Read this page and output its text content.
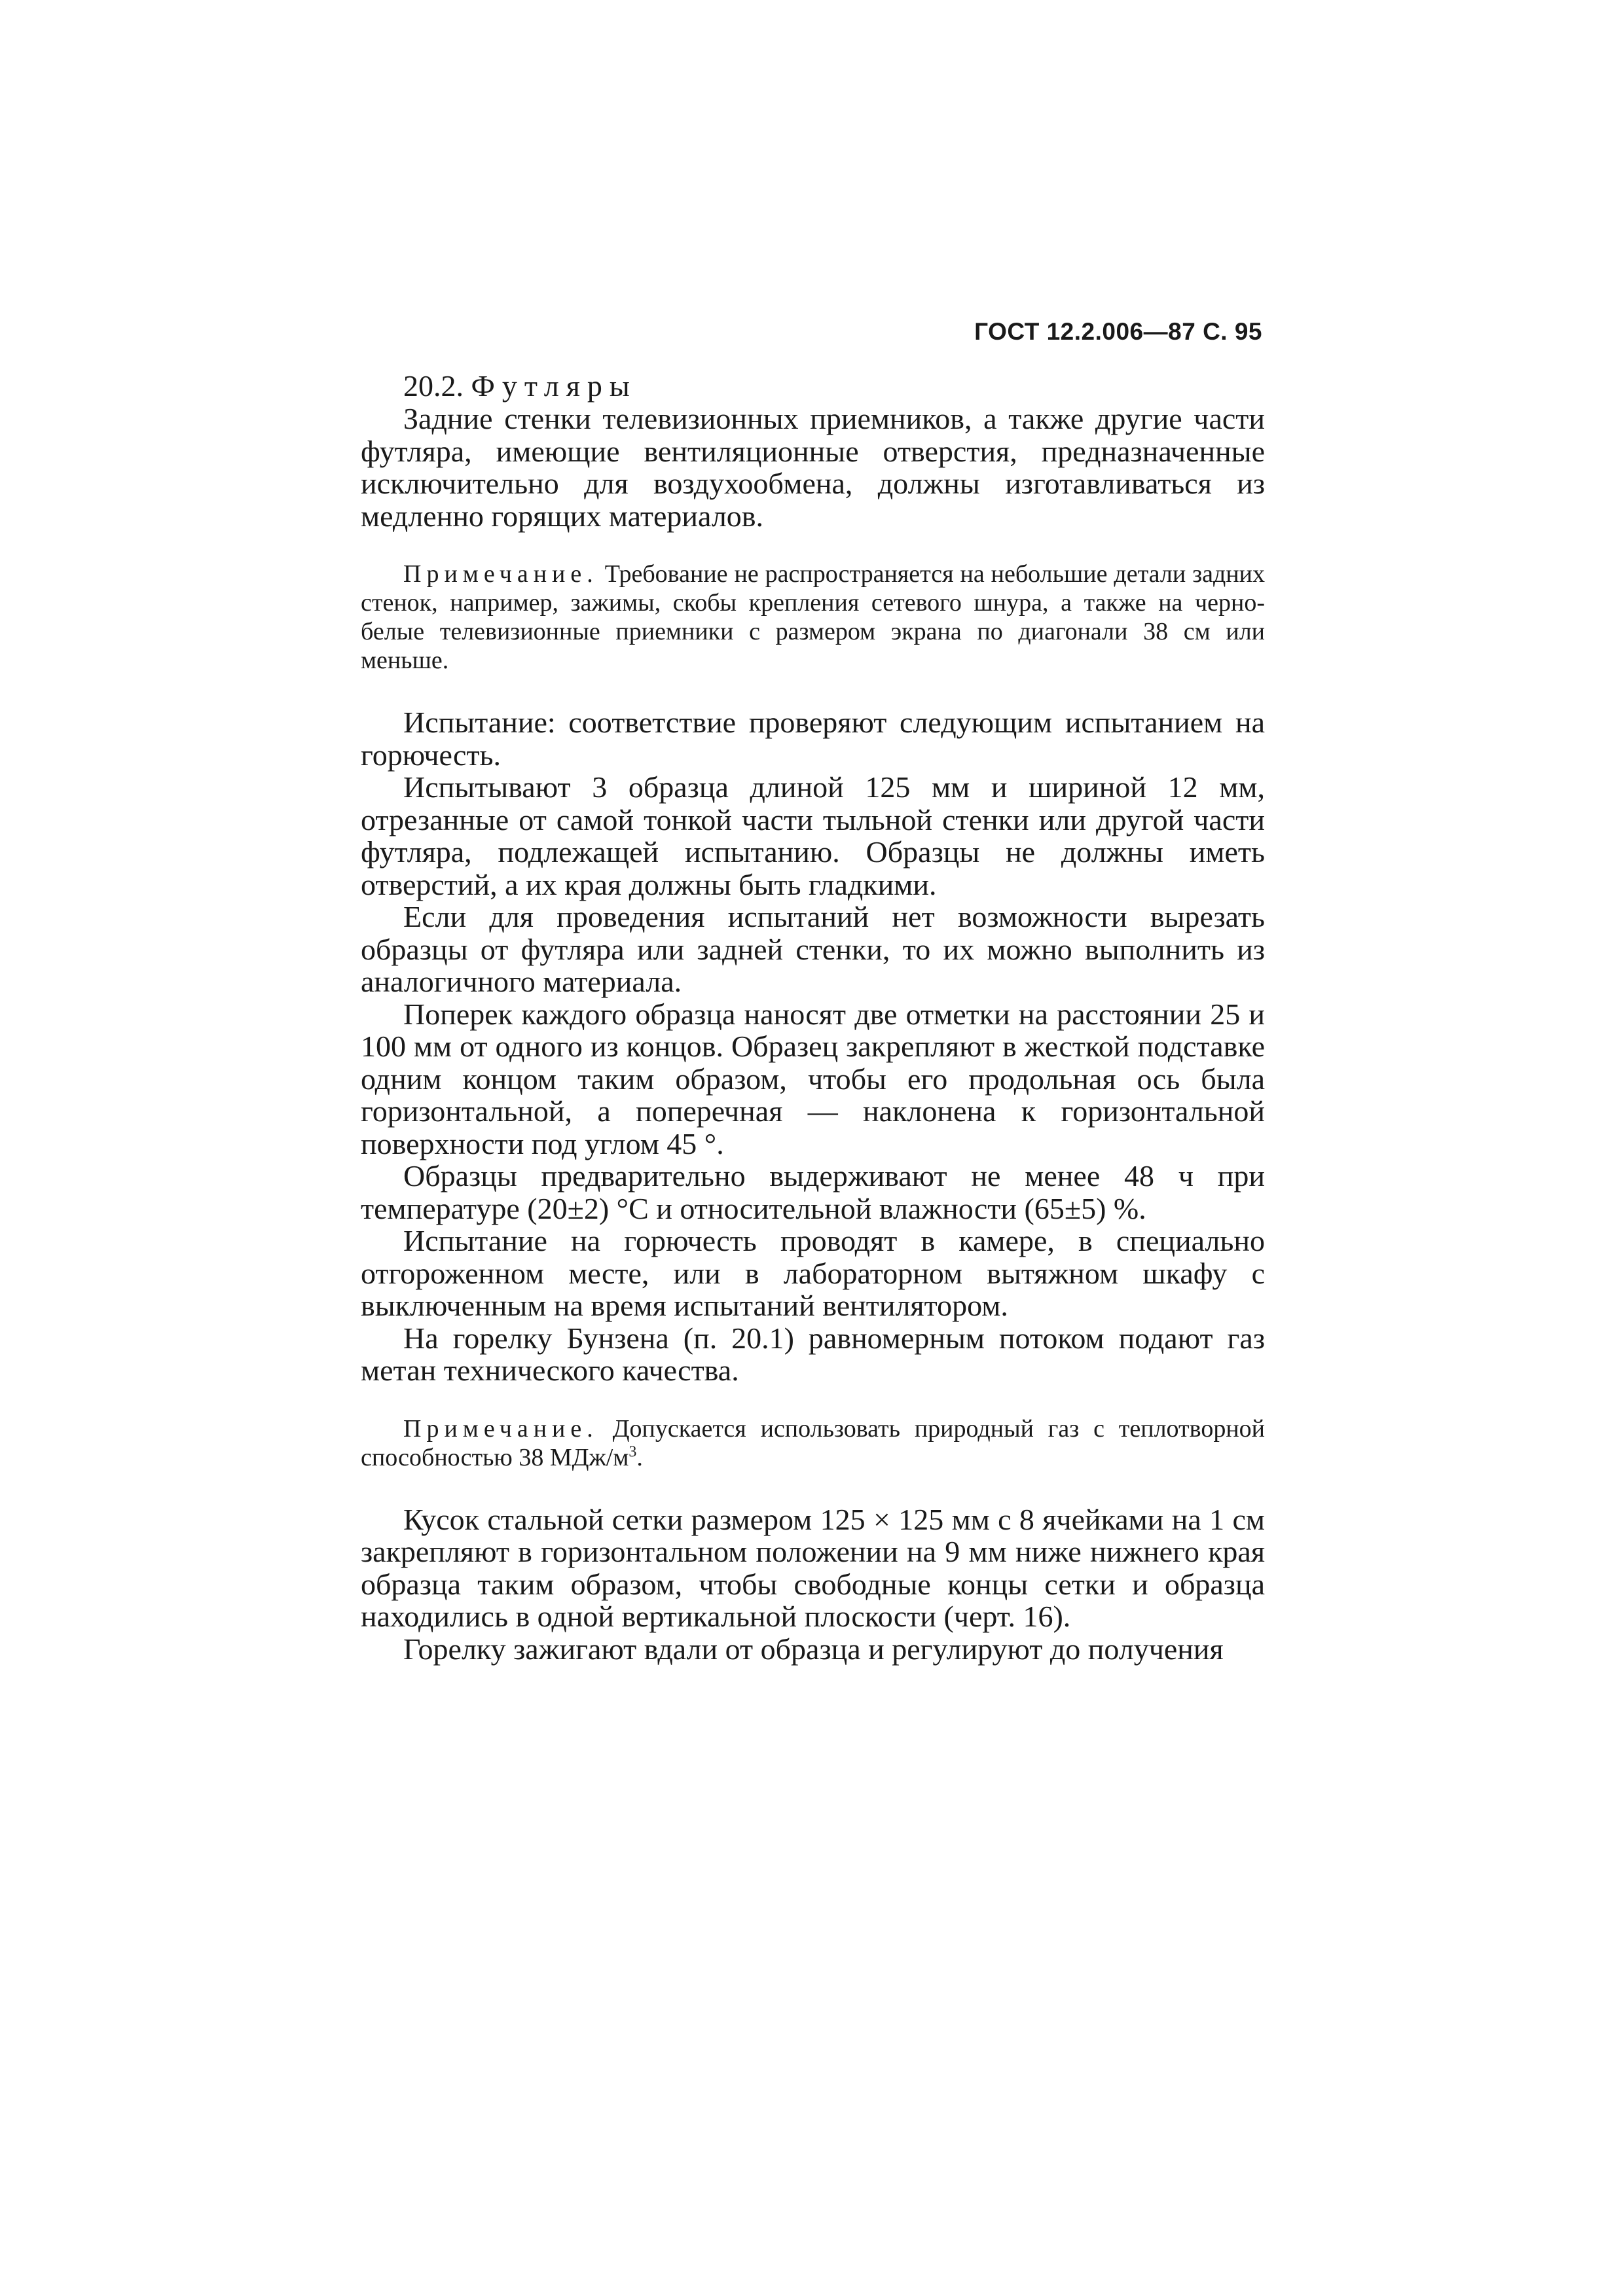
ГОСТ 12.2.006—87 С. 95

20.2. Футляры

Задние стенки телевизионных приемников, а также другие части футляра, имеющие вентиляционные отверстия, предназначенные исключительно для воздухообмена, должны изготавливаться из медленно горящих материалов.

Примечание. Требование не распространяется на небольшие детали задних стенок, например, зажимы, скобы крепления сетевого шнура, а также на черно-белые телевизионные приемники с размером экрана по диагонали 38 см или меньше.

Испытание: соответствие проверяют следующим испытанием на горючесть.

Испытывают 3 образца длиной 125 мм и шириной 12 мм, отрезанные от самой тонкой части тыльной стенки или другой части футляра, подлежащей испытанию. Образцы не должны иметь отверстий, а их края должны быть гладкими.

Если для проведения испытаний нет возможности вырезать образцы от футляра или задней стенки, то их можно выполнить из аналогичного материала.

Поперек каждого образца наносят две отметки на расстоянии 25 и 100 мм от одного из концов. Образец закрепляют в жесткой подставке одним концом таким образом, чтобы его продольная ось была горизонтальной, а поперечная — наклонена к горизонтальной поверхности под углом 45 °.

Образцы предварительно выдерживают не менее 48 ч при температуре (20±2) °С и относительной влажности (65±5) %.

Испытание на горючесть проводят в камере, в специально отгороженном месте, или в лабораторном вытяжном шкафу с выключенным на время испытаний вентилятором.

На горелку Бунзена (п. 20.1) равномерным потоком подают газ метан технического качества.

Примечание. Допускается использовать природный газ с теплотворной способностью 38 МДж/$м^3$.

Кусок стальной сетки размером 125 × 125 мм с 8 ячейками на 1 см закрепляют в горизонтальном положении на 9 мм ниже нижнего края образца таким образом, чтобы свободные концы сетки и образца находились в одной вертикальной плоскости (черт. 16).

Горелку зажигают вдали от образца и регулируют до получения
